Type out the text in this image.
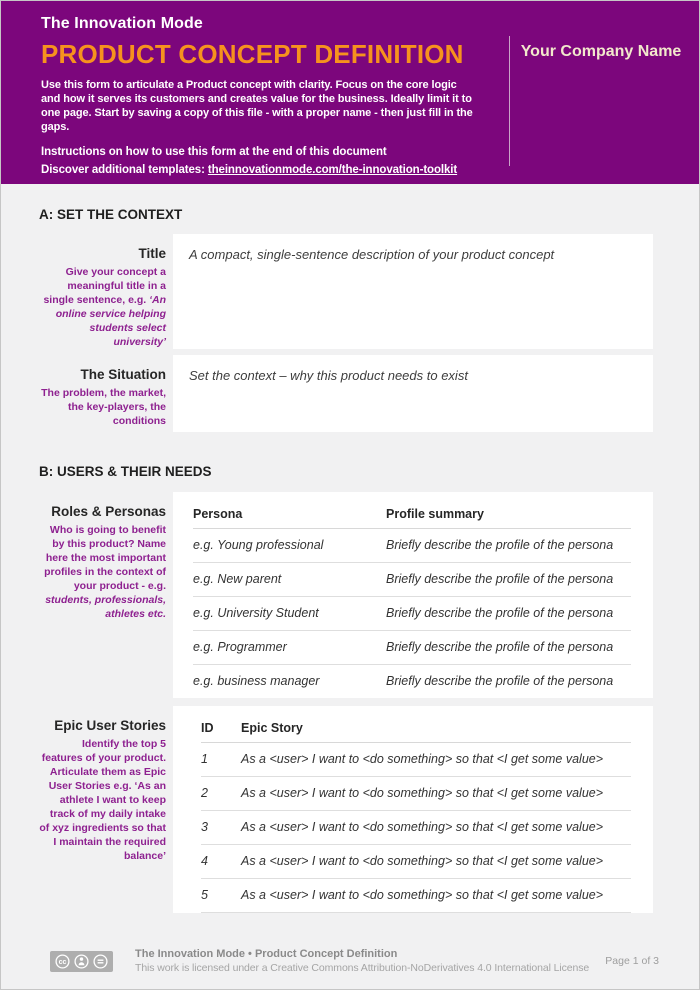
The Innovation Mode
PRODUCT CONCEPT DEFINITION

Use this form to articulate a Product concept with clarity. Focus on the core logic and how it serves its customers and creates value for the business. Ideally limit it to one page. Start by saving a copy of this file - with a proper name - then just fill in the gaps.

Instructions on how to use this form at the end of this document

Discover additional templates: theinnovationmode.com/the-innovation-toolkit

Your Company Name
A: SET THE CONTEXT
Title
Give your concept a meaningful title in a single sentence, e.g. ‘An online service helping students select university’
A compact, single-sentence description of your product concept
The Situation
The problem, the market, the key-players, the conditions
Set the context – why this product needs to exist
B: USERS & THEIR NEEDS
Roles & Personas
Who is going to benefit by this product? Name here the most important profiles in the context of your product - e.g. students, professionals, athletes etc.
Persona	Profile summary
e.g. Young professional	Briefly describe the profile of the persona
e.g. New parent	Briefly describe the profile of the persona
e.g. University Student	Briefly describe the profile of the persona
e.g. Programmer	Briefly describe the profile of the persona
e.g. business manager	Briefly describe the profile of the persona
Epic User Stories
Identify the top 5 features of your product. Articulate them as Epic User Stories e.g. ‘As an athlete I want to keep track of my daily intake of xyz ingredients so that I maintain the required balance’
ID	Epic Story
1	As a <user> I want to <do something> so that <I get some value>
2	As a <user> I want to <do something> so that <I get some value>
3	As a <user> I want to <do something> so that <I get some value>
4	As a <user> I want to <do something> so that <I get some value>
5	As a <user> I want to <do something> so that <I get some value>
cc
The Innovation Mode • Product Concept Definition
This work is licensed under a Creative Commons Attribution-NoDerivatives 4.0 International License
Page 1 of 3
